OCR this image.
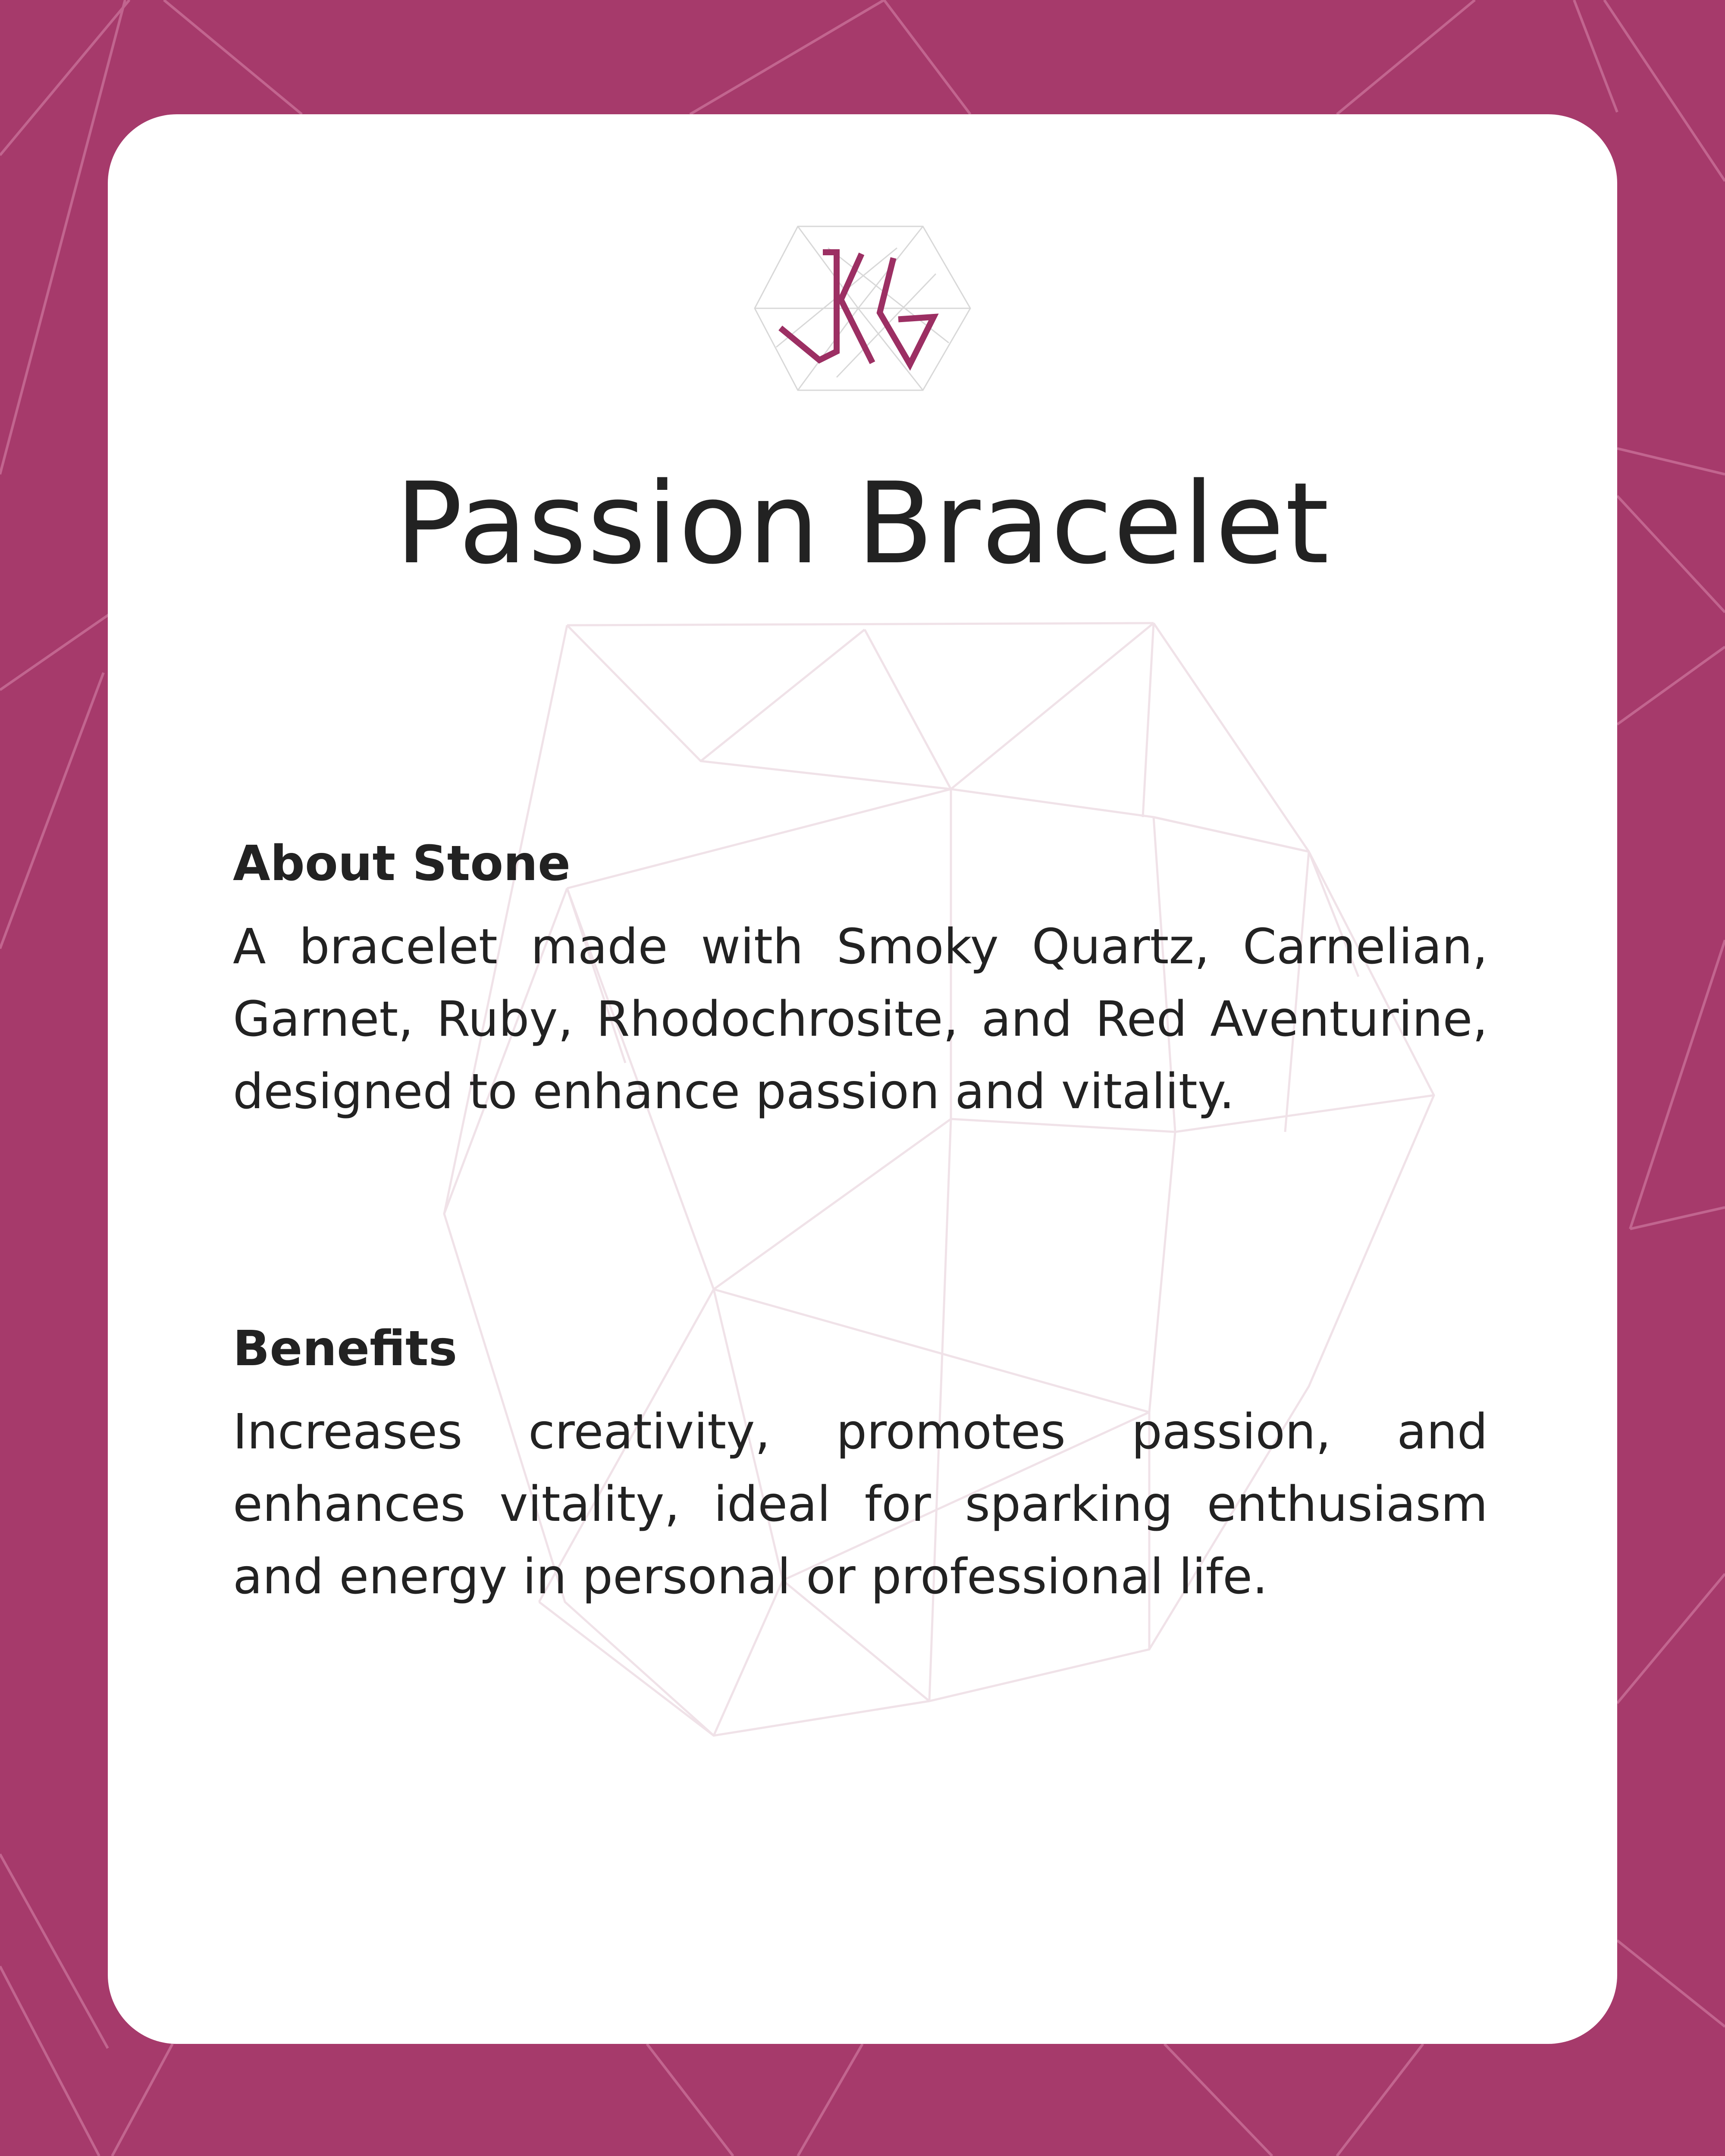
Passion Bracelet
About Stone

A bracelet made with Smoky Quartz, Carnelian, Garnet, Ruby, Rhodochrosite, and Red Aventurine, designed to enhance passion and vitality.

Benefits

Increases creativity, promotes passion, and enhances vitality, ideal for sparking enthusiasm and energy in personal or professional life.
